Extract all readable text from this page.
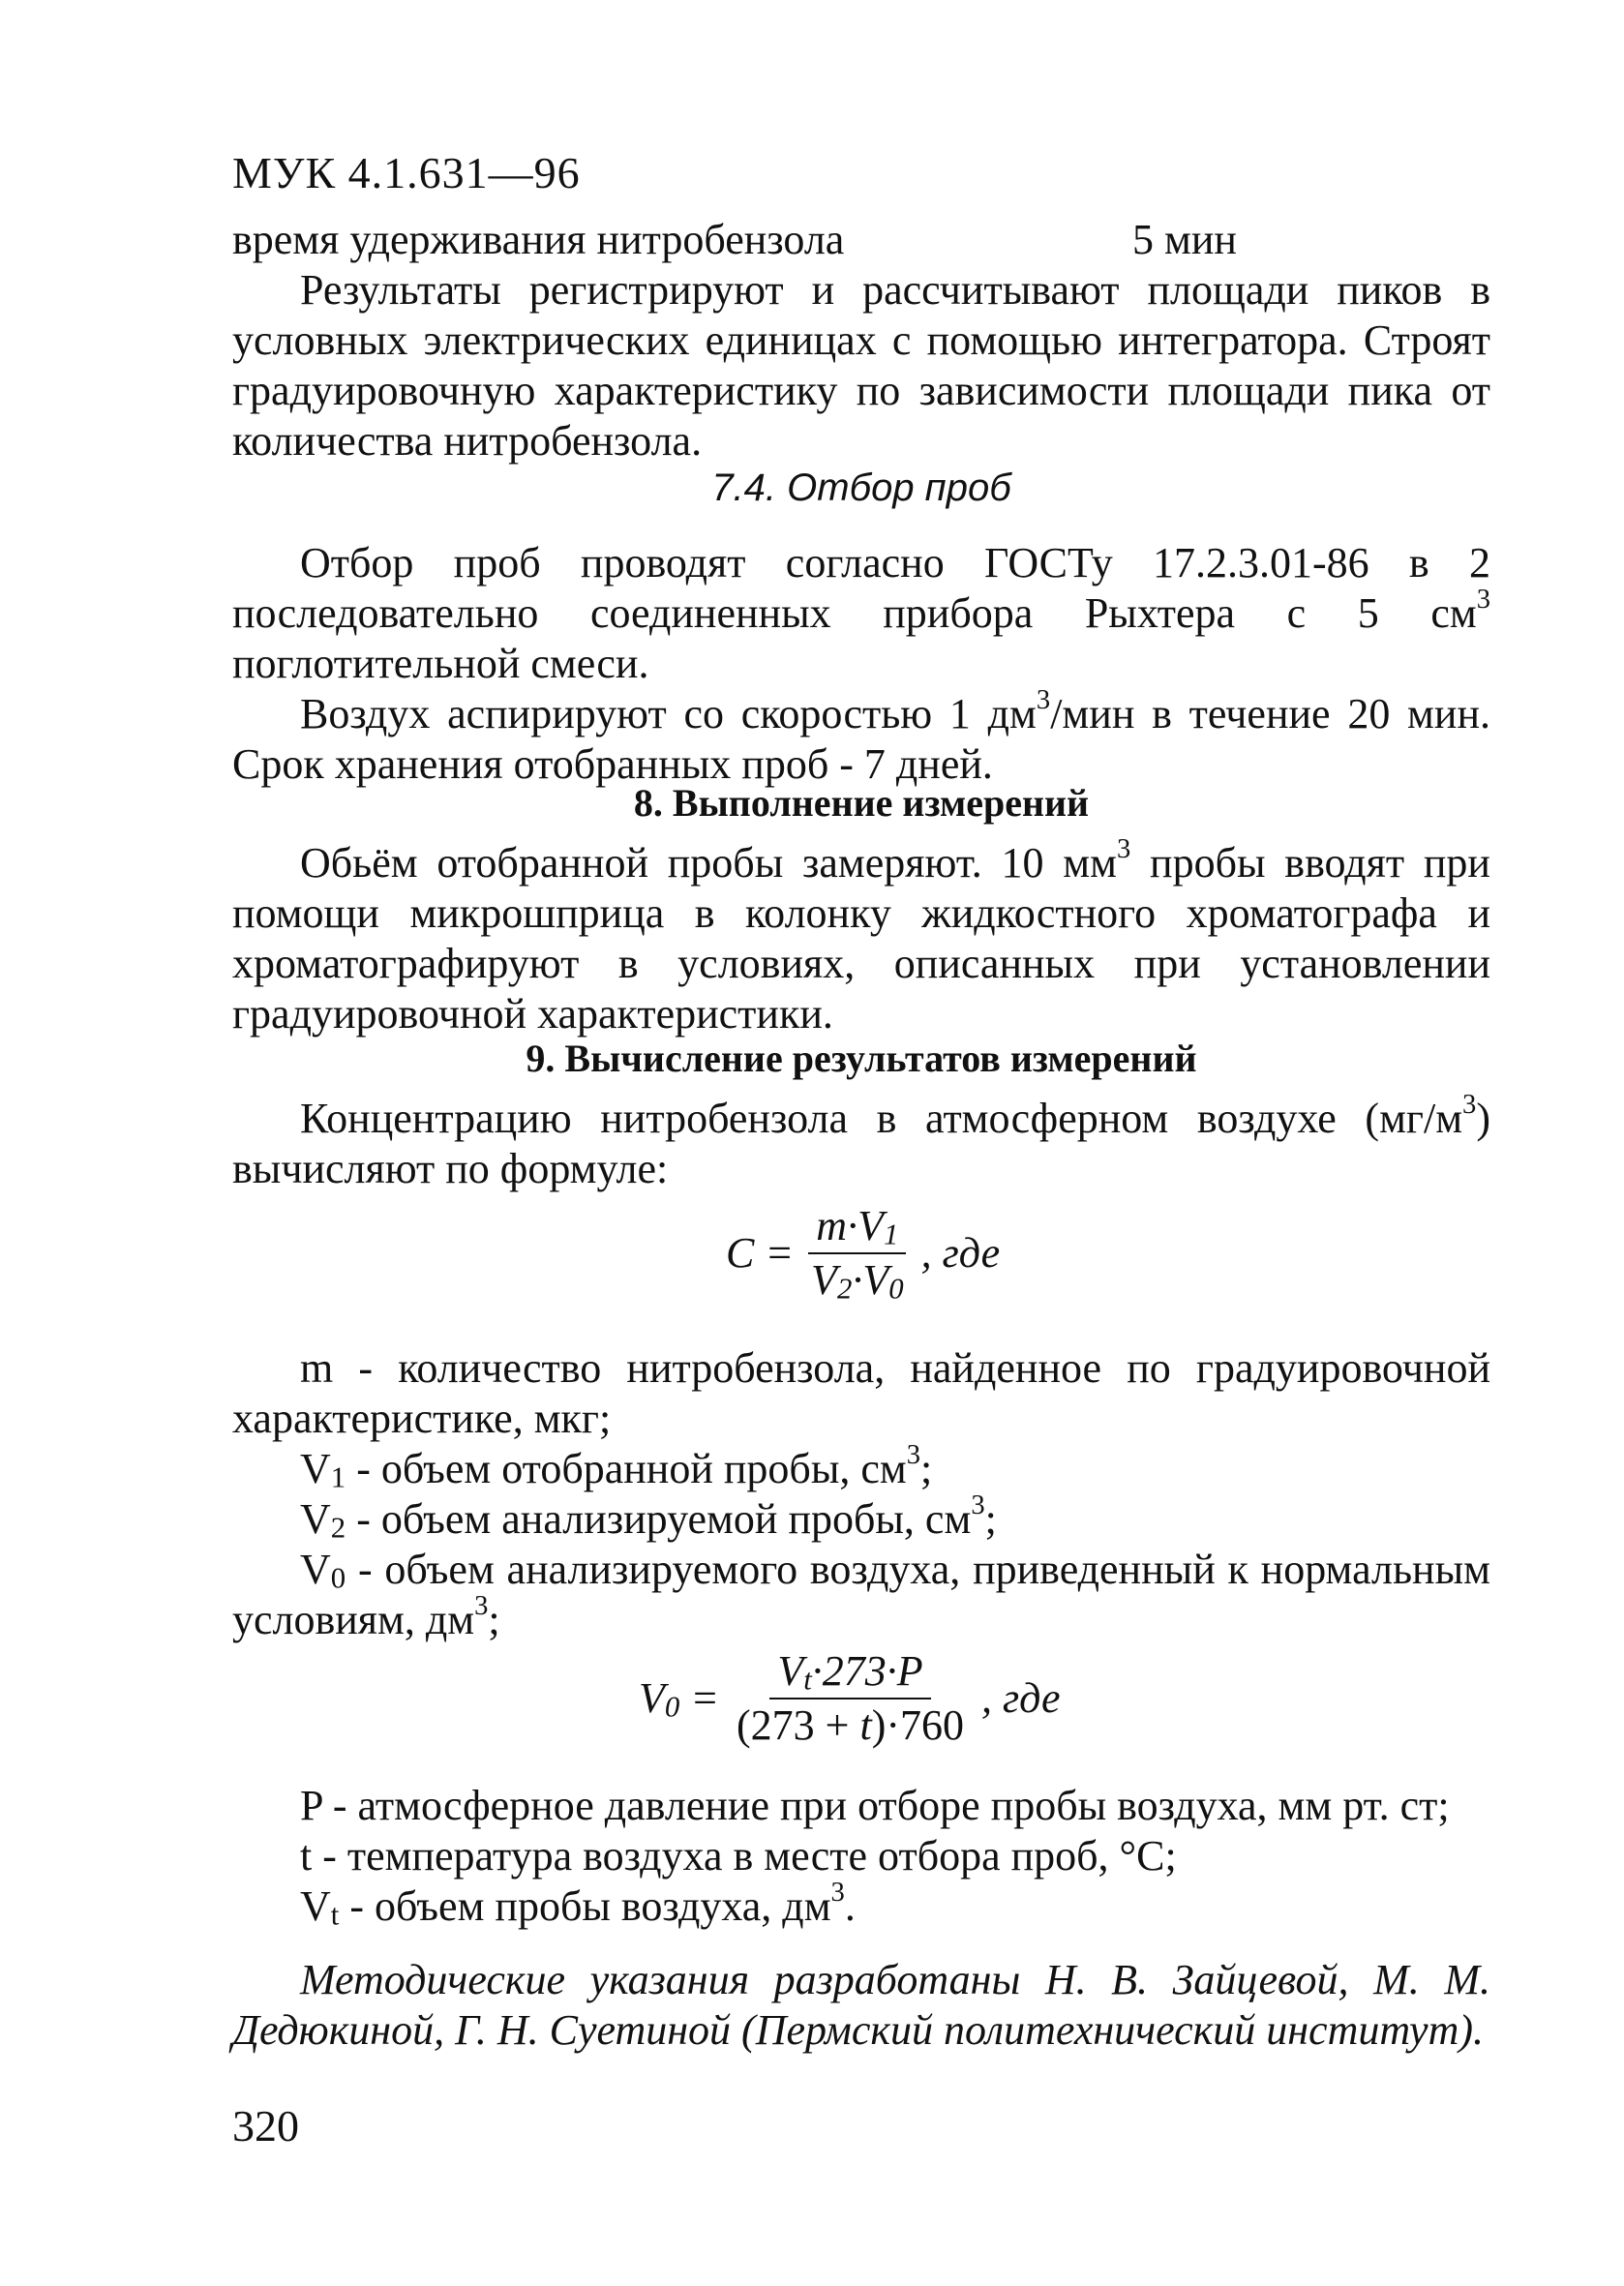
МУК 4.1.631—96
время удерживания нитробензола	5 мин

Результаты регистрируют и рассчитывают площади пиков в условных электрических единицах с помощью интегратора. Строят градуировочную характеристику по зависимости площади пика от количества нитробензола.

7.4. Отбор проб

Отбор проб проводят согласно ГОСТу 17.2.3.01-86 в 2 последовательно соединенных прибора Рыхтера с 5 $см^3$ поглотительной смеси.

Воздух аспирируют со скоростью 1 $дм^3$/мин в течение 20 мин. Срок хранения отобранных проб - 7 дней.

8. Выполнение измерений

Обьём отобранной пробы замеряют. 10 $мм^3$ пробы вводят при помощи микрошприца в колонку жидкостного хроматографа и хроматографируют в условиях, описанных при установлении градуировочной характеристики.

9. Вычисление результатов измерений

Концентрацию нитробензола в атмосферном воздухе $(мг/м^3)$ вычисляют по формуле:

$C = \frac{m\cdot V_1}{V_2\cdot V_0}$ , где

m - количество нитробензола, найденное по градуировочной характеристике, мкг;

$V_1$ - объем отобранной пробы, $см^3$;

$V_2$ - объем анализируемой пробы, $см^3$;

$V_0$ - объем анализируемого воздуха, приведенный к нормальным условиям, $дм^3$;

$V_0 = \frac{V_t\cdot 273\cdot P}{(273 + t)\cdot 760}$ , где

P - атмосферное давление при отборе пробы воздуха, мм рт. ст;

t - температура воздуха в месте отбора проб, °С;

$V_t$ - объем пробы воздуха, $дм^3$.

Методические указания разработаны Н. В. Зайцевой, М. М. Дедюкиной, Г. Н. Суетиной (Пермский политехнический институт).

320
